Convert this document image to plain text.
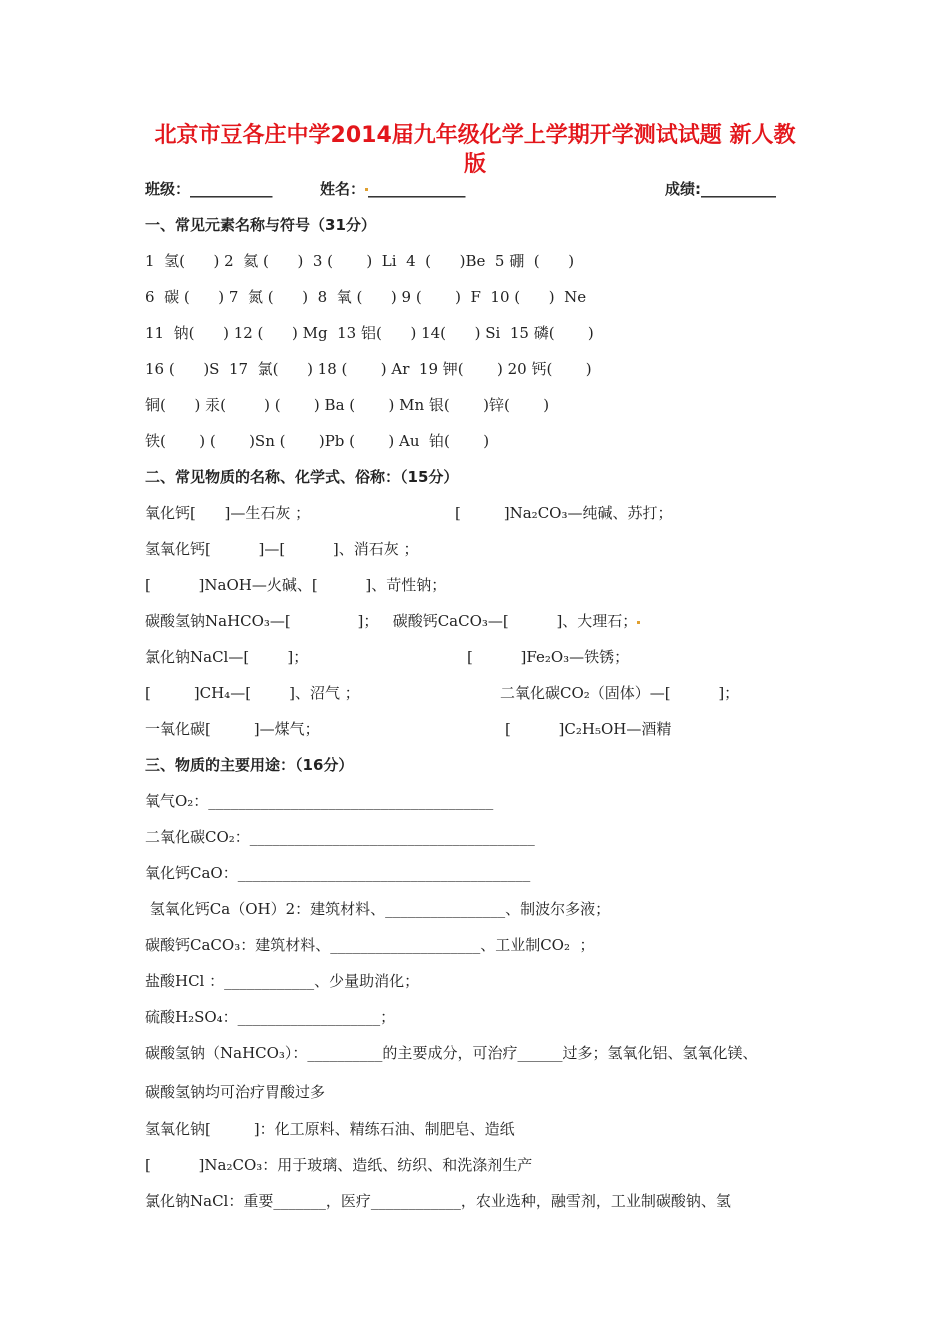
北京市豆各庄中学2014届九年级化学上学期开学测试试题 新人教
版
班级：___________	姓名： _____________	成绩:__________
一、常见元素名称与符号（31分）
1  氢(      ) 2  氦 (      )  3 (       )  Li  4  (      )Be  5 硼  (      )
6  碳 (      ) 7  氮 (      )  8  氧 (      ) 9 (       )  F  10 (      )  Ne
11  钠(      ) 12 (      ) Mg  13 铝(      ) 14(      ) Si  15 磷(       )
16 (      )S  17  氯(      ) 18 (       ) Ar  19 钾(       ) 20 钙(       )
铜(      ) 汞(        ) (       ) Ba (       ) Mn 银(       )锌(       )
铁(       ) (       )Sn (       )Pb (       ) Au  铂(       )
二、常见物质的名称、化学式、俗称：（15分）
氧化钙[      ]—生石灰 ；	[         ]Na₂CO₃—纯碱、苏打；
氢氧化钙[          ]—[          ]、消石灰 ；
[          ]NaOH—火碱、[          ]、苛性钠；
碳酸氢钠NaHCO₃—[              ]；   碳酸钙CaCO₃—[          ]、大理石；
氯化钠NaCl—[        ]；	[          ]Fe₂O₃—铁锈；
[         ]CH₄—[        ]、沼气 ；	二氧化碳CO₂（固体）—[          ]；
一氧化碳[         ]—煤气；	[          ]C₂H₅OH—酒精
三、物质的主要用途：（16分）
氧气O₂：______________________________________
二氧化碳CO₂：______________________________________
氧化钙CaO：_______________________________________
氢氧化钙Ca（OH）2：建筑材料、________________、制波尔多液；
碳酸钙CaCO₃：建筑材料、____________________、工业制CO₂  ；
盐酸HCl ：____________、少量助消化；
硫酸H₂SO₄：___________________；
碳酸氢钠（NaHCO₃）：__________的主要成分，可治疗______过多；氢氧化铝、氢氧化镁、
碳酸氢钠均可治疗胃酸过多
氢氧化钠[         ]：化工原料、精练石油、制肥皂、造纸
[          ]Na₂CO₃：用于玻璃、造纸、纺织、和洗涤剂生产
氯化钠NaCl：重要_______，医疗____________，农业选种，融雪剂，工业制碳酸钠、氢
